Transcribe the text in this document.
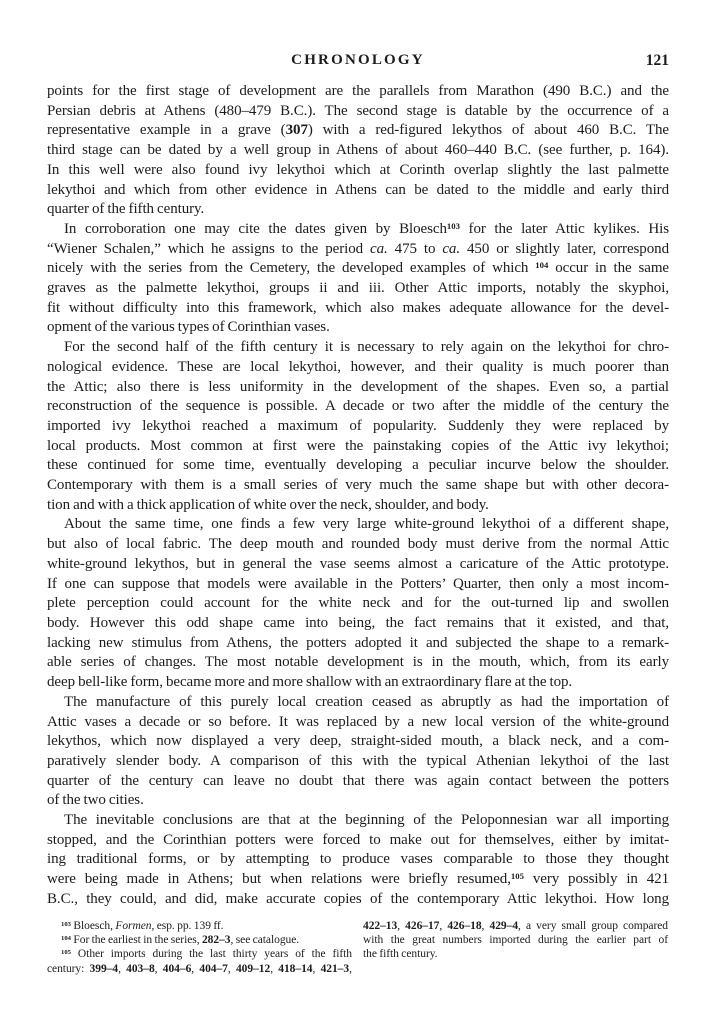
CHRONOLOGY	121
points for the first stage of development are the parallels from Marathon (490 B.C.) and the
Persian debris at Athens (480–479 B.C.). The second stage is datable by the occurrence of a
representative example in a grave (307) with a red-figured lekythos of about 460 B.C. The
third stage can be dated by a well group in Athens of about 460–440 B.C. (see further, p. 164).
In this well were also found ivy lekythoi which at Corinth overlap slightly the last palmette
lekythoi and which from other evidence in Athens can be dated to the middle and early third
quarter of the fifth century.
In corroboration one may cite the dates given by Bloesch$^{103}$ for the later Attic kylikes. His
“Wiener Schalen,” which he assigns to the period ca. 475 to ca. 450 or slightly later, correspond
nicely with the series from the Cemetery, the developed examples of which $^{104}$ occur in the same
graves as the palmette lekythoi, groups ii and iii. Other Attic imports, notably the skyphoi,
fit without difficulty into this framework, which also makes adequate allowance for the devel-
opment of the various types of Corinthian vases.
For the second half of the fifth century it is necessary to rely again on the lekythoi for chro-
nological evidence. These are local lekythoi, however, and their quality is much poorer than
the Attic; also there is less uniformity in the development of the shapes. Even so, a partial
reconstruction of the sequence is possible. A decade or two after the middle of the century the
imported ivy lekythoi reached a maximum of popularity. Suddenly they were replaced by
local products. Most common at first were the painstaking copies of the Attic ivy lekythoi;
these continued for some time, eventually developing a peculiar incurve below the shoulder.
Contemporary with them is a small series of very much the same shape but with other decora-
tion and with a thick application of white over the neck, shoulder, and body.
About the same time, one finds a few very large white-ground lekythoi of a different shape,
but also of local fabric. The deep mouth and rounded body must derive from the normal Attic
white-ground lekythos, but in general the vase seems almost a caricature of the Attic prototype.
If one can suppose that models were available in the Potters’ Quarter, then only a most incom-
plete perception could account for the white neck and for the out-turned lip and swollen
body. However this odd shape came into being, the fact remains that it existed, and that,
lacking new stimulus from Athens, the potters adopted it and subjected the shape to a remark-
able series of changes. The most notable development is in the mouth, which, from its early
deep bell-like form, became more and more shallow with an extraordinary flare at the top.
The manufacture of this purely local creation ceased as abruptly as had the importation of
Attic vases a decade or so before. It was replaced by a new local version of the white-ground
lekythos, which now displayed a very deep, straight-sided mouth, a black neck, and a com-
paratively slender body. A comparison of this with the typical Athenian lekythoi of the last
quarter of the century can leave no doubt that there was again contact between the potters
of the two cities.
The inevitable conclusions are that at the beginning of the Peloponnesian war all importing
stopped, and the Corinthian potters were forced to make out for themselves, either by imitat-
ing traditional forms, or by attempting to produce vases comparable to those they thought
were being made in Athens; but when relations were briefly resumed,$^{105}$ very possibly in 421
B.C., they could, and did, make accurate copies of the contemporary Attic lekythoi. How long
$^{103}$ Bloesch, Formen, esp. pp. 139 ff.
$^{104}$ For the earliest in the series, 282–3, see catalogue.
$^{105}$ Other imports during the last thirty years of the fifth
century: 399–4, 403–8, 404–6, 404–7, 409–12, 418–14, 421–3,
422–13, 426–17, 426–18, 429–4, a very small group compared
with the great numbers imported during the earlier part of
the fifth century.
